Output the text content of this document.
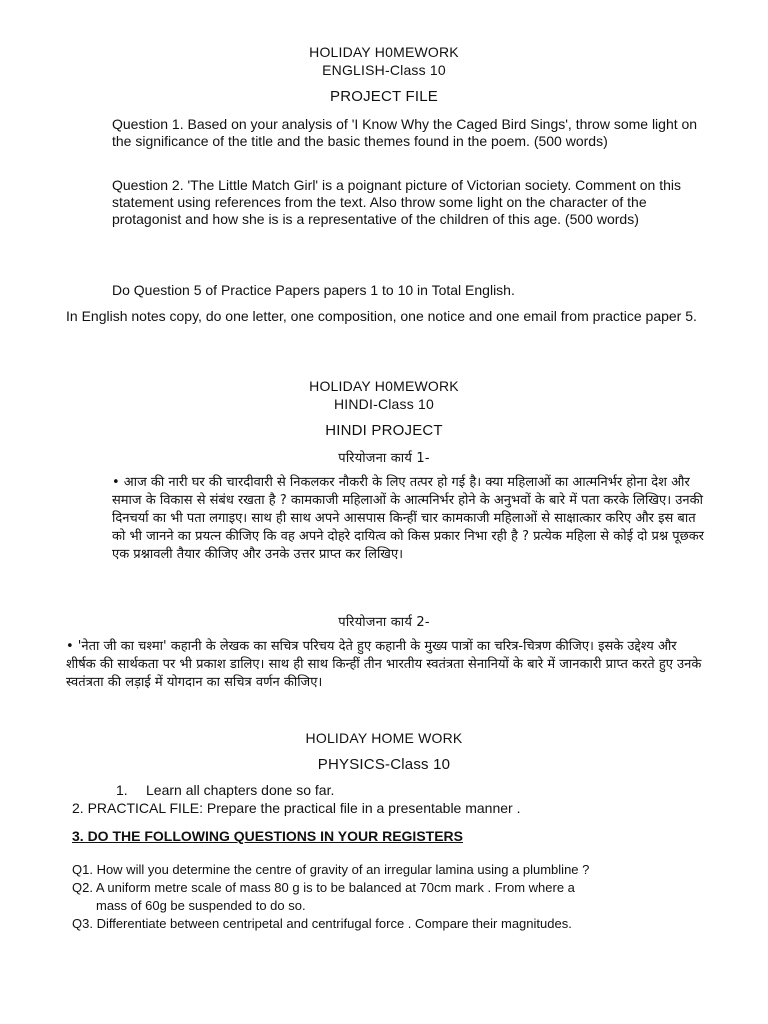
HOLIDAY H0MEWORK
ENGLISH-Class 10
PROJECT FILE
Question 1. Based on your analysis of 'I Know Why the Caged Bird Sings', throw some light on the significance of the title and the basic themes found in the poem. (500 words)
Question 2. 'The Little Match Girl' is a poignant picture of Victorian society. Comment on this statement using references from the text. Also throw some light on the character of the protagonist and how she is is a representative of the children of this age. (500 words)
Do Question 5 of Practice Papers papers 1 to 10 in Total English.
In English notes copy, do one letter, one composition, one notice and one email from practice paper 5.
HOLIDAY H0MEWORK
HINDI-Class 10
HINDI PROJECT
परियोजना कार्य 1-
• आज की नारी घर की चारदीवारी से निकलकर नौकरी के लिए तत्पर हो गई है। क्या महिलाओं का आत्मनिर्भर होना देश और समाज के विकास से संबंध रखता है ? कामकाजी महिलाओं के आत्मनिर्भर होने के अनुभवों के बारे में पता करके लिखिए। उनकी दिनचर्या का भी पता लगाइए। साथ ही साथ अपने आसपास किन्हीं चार कामकाजी महिलाओं से साक्षात्कार करिए और इस बात को भी जानने का प्रयत्न कीजिए कि वह अपने दोहरे दायित्व को किस प्रकार निभा रही है ? प्रत्येक महिला से कोई दो प्रश्न पूछकर एक प्रश्नावली तैयार कीजिए और उनके उत्तर प्राप्त कर लिखिए।
परियोजना कार्य 2-
• 'नेता जी का चश्मा' कहानी के लेखक का सचित्र परिचय देते हुए कहानी के मुख्य पात्रों का चरित्र-चित्रण कीजिए। इसके उद्देश्य और शीर्षक की सार्थकता पर भी प्रकाश डालिए। साथ ही साथ किन्हीं तीन भारतीय स्वतंत्रता सेनानियों के बारे में जानकारी प्राप्त करते हुए उनके स्वतंत्रता की लड़ाई में योगदान का सचित्र वर्णन कीजिए।
HOLIDAY HOME WORK
PHYSICS-Class 10
1. Learn all chapters done so far.
2. PRACTICAL FILE: Prepare the practical file in a presentable manner .
3. DO THE FOLLOWING QUESTIONS IN YOUR REGISTERS
Q1. How will you determine the centre of gravity of an irregular lamina using a plumbline ?
Q2. A uniform metre scale of mass 80 g is to be balanced at 70cm mark . From where a
mass of 60g be suspended to do so.
Q3. Differentiate between centripetal and centrifugal force . Compare their magnitudes.
